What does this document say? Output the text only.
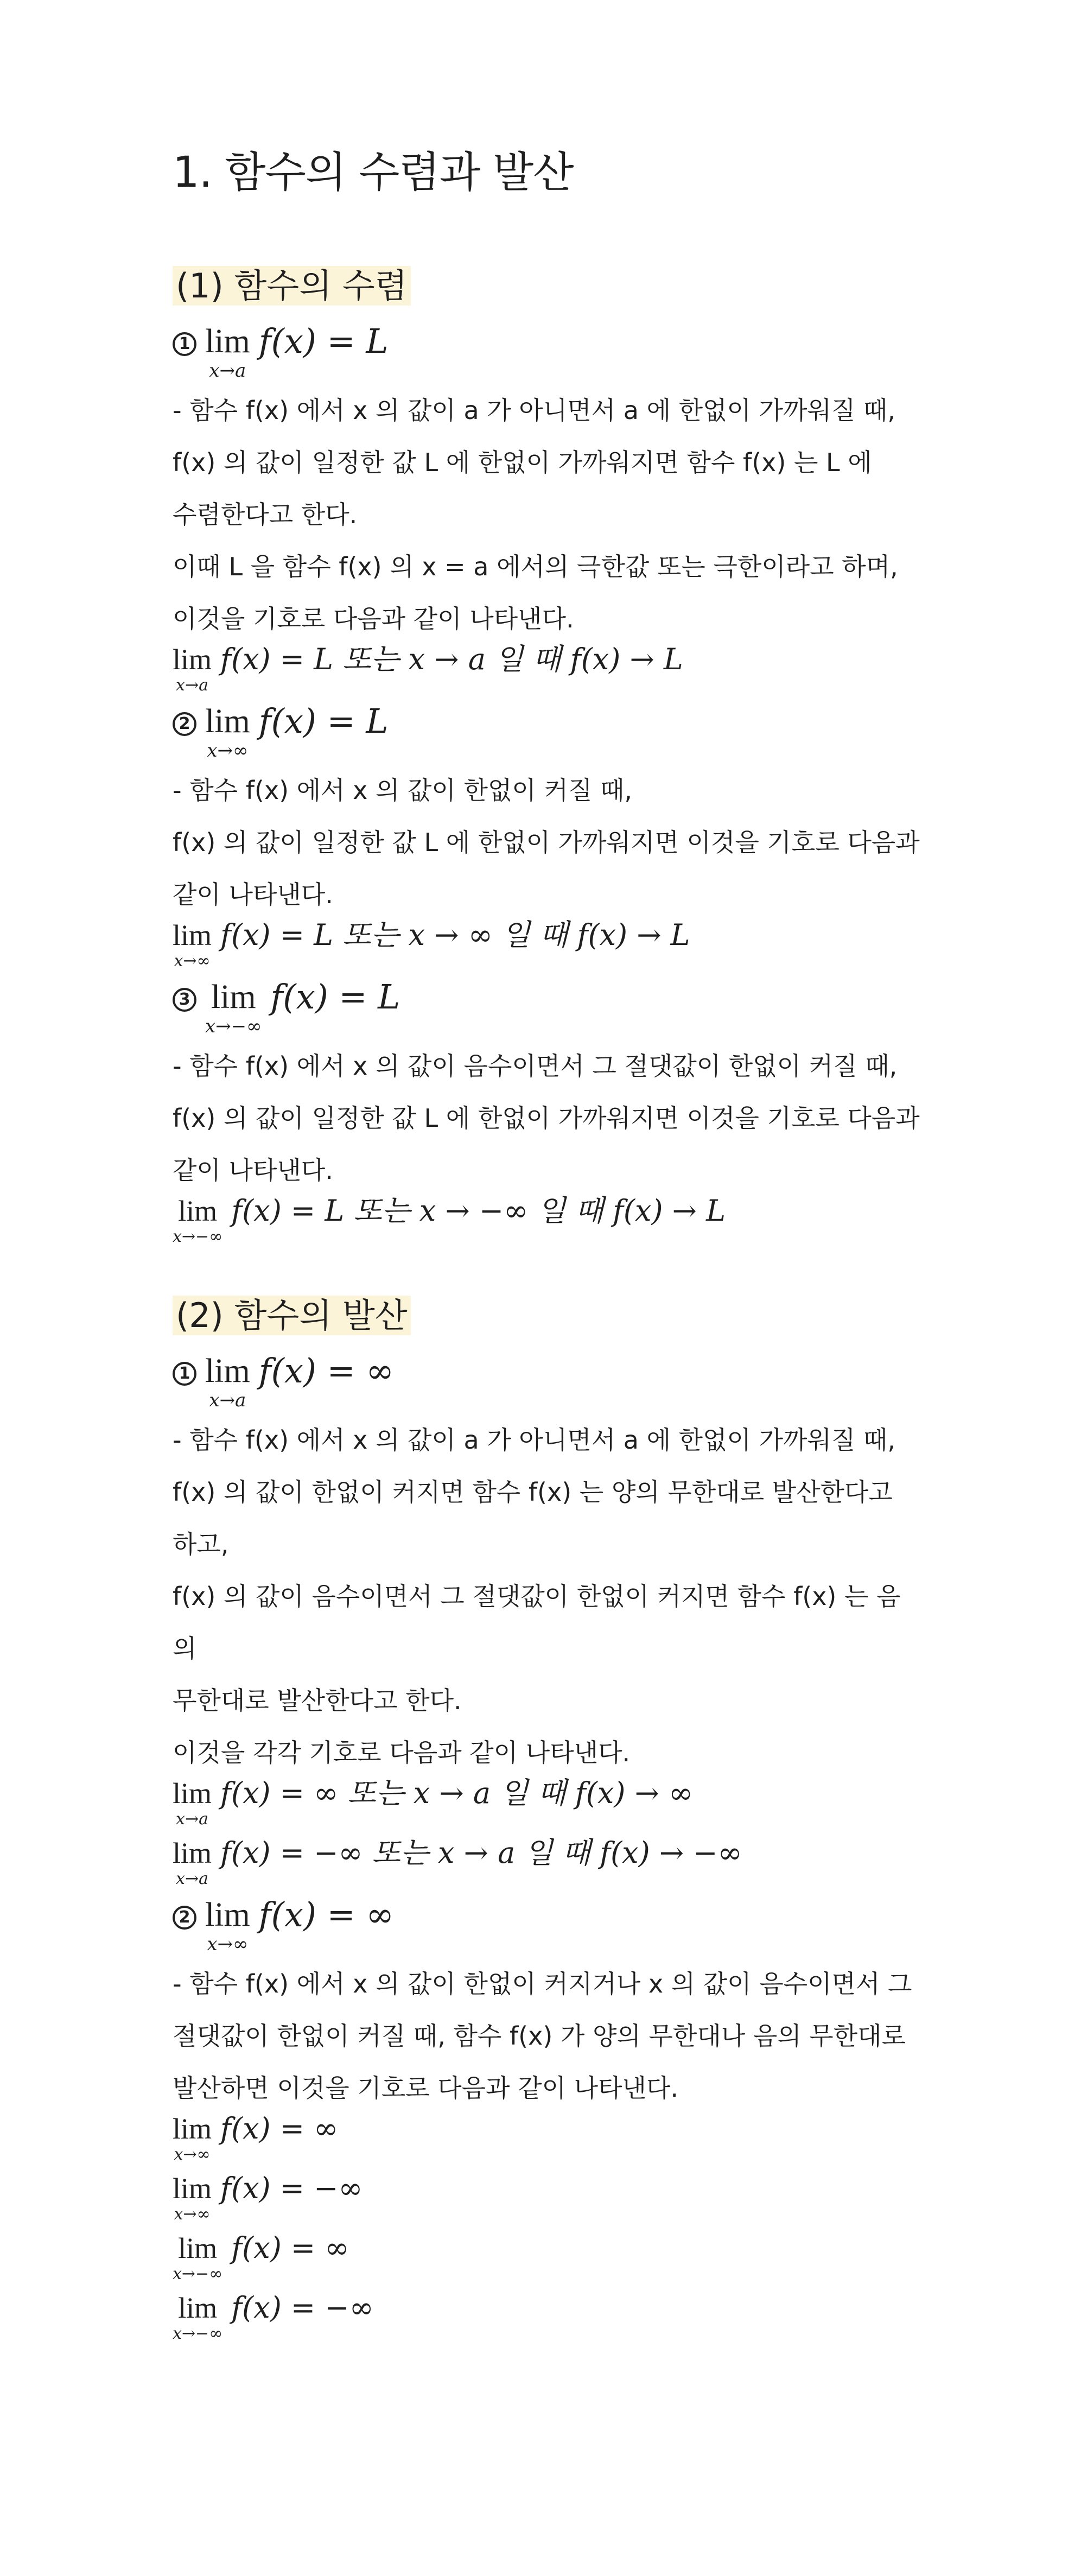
1. 함수의 수렴과 발산
(1) 함수의 수렴
1 lim
x→a
f(x) = L

- 함수 f(x) 에서 x 의 값이 a 가 아니면서 a 에 한없이 가까워질 때,

f(x) 의 값이 일정한 값 L 에 한없이 가까워지면 함수 f(x) 는 L 에

수렴한다고 한다.

이때 L 을 함수 f(x) 의 x = a 에서의 극한값 또는 극한이라고 하며,

이것을 기호로 다음과 같이 나타낸다.

lim
x→a
f(x) = L 또는 x → a 일 때 f(x) → L
2 lim
x→∞
f(x) = L

- 함수 f(x) 에서 x 의 값이 한없이 커질 때,

f(x) 의 값이 일정한 값 L 에 한없이 가까워지면 이것을 기호로 다음과

같이 나타낸다.

lim
x→∞
f(x) = L 또는 x → ∞ 일 때 f(x) → L
3 lim
x→−∞
f(x) = L

- 함수 f(x) 에서 x 의 값이 음수이면서 그 절댓값이 한없이 커질 때,

f(x) 의 값이 일정한 값 L 에 한없이 가까워지면 이것을 기호로 다음과

같이 나타낸다.

lim
x→−∞
f(x) = L 또는 x → −∞ 일 때 f(x) → L
(2) 함수의 발산
1 lim
x→a
f(x) = ∞

- 함수 f(x) 에서 x 의 값이 a 가 아니면서 a 에 한없이 가까워질 때,

f(x) 의 값이 한없이 커지면 함수 f(x) 는 양의 무한대로 발산한다고

하고,

f(x) 의 값이 음수이면서 그 절댓값이 한없이 커지면 함수 f(x) 는 음의

무한대로 발산한다고 한다.

이것을 각각 기호로 다음과 같이 나타낸다.

lim
x→a
f(x) = ∞ 또는 x → a 일 때 f(x) → ∞
lim
x→a
f(x) = −∞ 또는 x → a 일 때 f(x) → −∞
2 lim
x→∞
f(x) = ∞

- 함수 f(x) 에서 x 의 값이 한없이 커지거나 x 의 값이 음수이면서 그

절댓값이 한없이 커질 때, 함수 f(x) 가 양의 무한대나 음의 무한대로

발산하면 이것을 기호로 다음과 같이 나타낸다.

lim
x→∞
f(x) = ∞
lim
x→∞
f(x) = −∞
lim
x→−∞
f(x) = ∞
lim
x→−∞
f(x) = −∞
